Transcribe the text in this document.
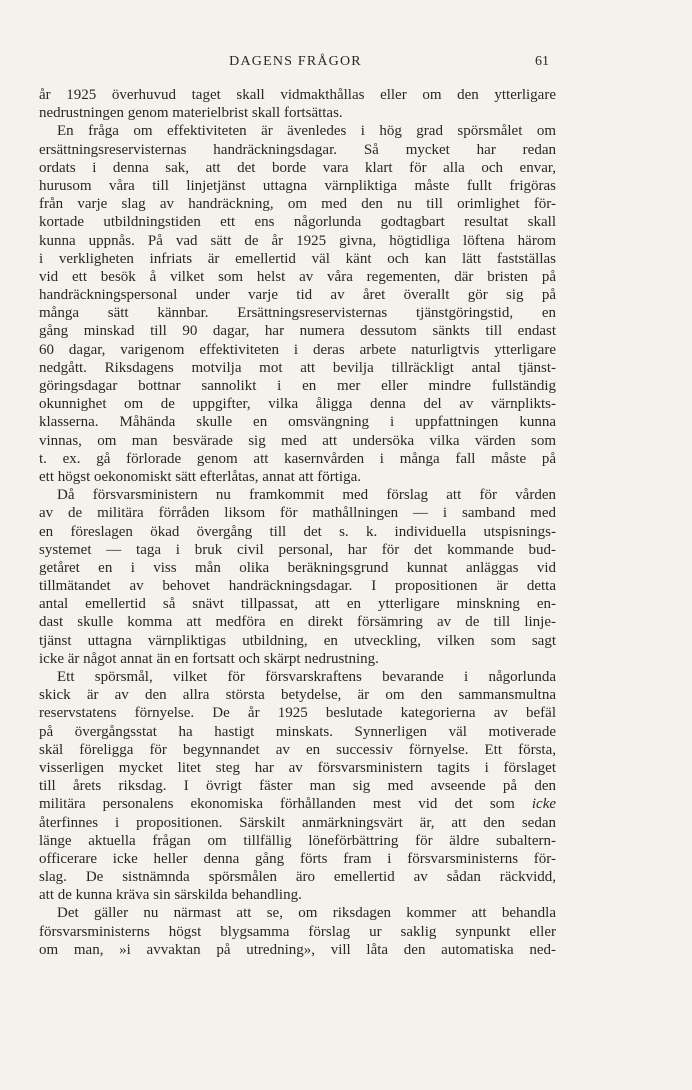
DAGENS FRÅGOR	61
år 1925 överhuvud taget skall vidmakthållas eller om den ytterligare
nedrustningen genom materielbrist skall fortsättas.
En fråga om effektiviteten är ävenledes i hög grad spörsmålet om
ersättningsreservisternas handräckningsdagar. Så mycket har redan
ordats i denna sak, att det borde vara klart för alla och envar,
hurusom våra till linjetjänst uttagna värnpliktiga måste fullt frigöras
från varje slag av handräckning, om med den nu till orimlighet för-
kortade utbildningstiden ett ens någorlunda godtagbart resultat skall
kunna uppnås. På vad sätt de år 1925 givna, högtidliga löftena härom
i verkligheten infriats är emellertid väl känt och kan lätt fastställas
vid ett besök å vilket som helst av våra regementen, där bristen på
handräckningspersonal under varje tid av året överallt gör sig på
många sätt kännbar. Ersättningsreservisternas tjänstgöringstid, en
gång minskad till 90 dagar, har numera dessutom sänkts till endast
60 dagar, varigenom effektiviteten i deras arbete naturligtvis ytterligare
nedgått. Riksdagens motvilja mot att bevilja tillräckligt antal tjänst-
göringsdagar bottnar sannolikt i en mer eller mindre fullständig
okunnighet om de uppgifter, vilka åligga denna del av värnplikts-
klasserna. Måhända skulle en omsvängning i uppfattningen kunna
vinnas, om man besvärade sig med att undersöka vilka värden som
t. ex. gå förlorade genom att kasernvården i många fall måste på
ett högst oekonomiskt sätt efterlåtas, annat att förtiga.
Då försvarsministern nu framkommit med förslag att för vården
av de militära förråden liksom för mathållningen — i samband med
en föreslagen ökad övergång till det s. k. individuella utspisnings-
systemet — taga i bruk civil personal, har för det kommande bud-
getåret en i viss mån olika beräkningsgrund kunnat anläggas vid
tillmätandet av behovet handräckningsdagar. I propositionen är detta
antal emellertid så snävt tillpassat, att en ytterligare minskning en-
dast skulle komma att medföra en direkt försämring av de till linje-
tjänst uttagna värnpliktigas utbildning, en utveckling, vilken som sagt
icke är något annat än en fortsatt och skärpt nedrustning.
Ett spörsmål, vilket för försvarskraftens bevarande i någorlunda
skick är av den allra största betydelse, är om den sammansmultna
reservstatens förnyelse. De år 1925 beslutade kategorierna av befäl
på övergångsstat ha hastigt minskats. Synnerligen väl motiverade
skäl föreligga för begynnandet av en successiv förnyelse. Ett första,
visserligen mycket litet steg har av försvarsministern tagits i förslaget
till årets riksdag. I övrigt fäster man sig med avseende på den
militära personalens ekonomiska förhållanden mest vid det som icke
återfinnes i propositionen. Särskilt anmärkningsvärt är, att den sedan
länge aktuella frågan om tillfällig löneförbättring för äldre subaltern-
officerare icke heller denna gång förts fram i försvarsministerns för-
slag. De sistnämnda spörsmålen äro emellertid av sådan räckvidd,
att de kunna kräva sin särskilda behandling.
Det gäller nu närmast att se, om riksdagen kommer att behandla
försvarsministerns högst blygsamma förslag ur saklig synpunkt eller
om man, »i avvaktan på utredning», vill låta den automatiska ned-
